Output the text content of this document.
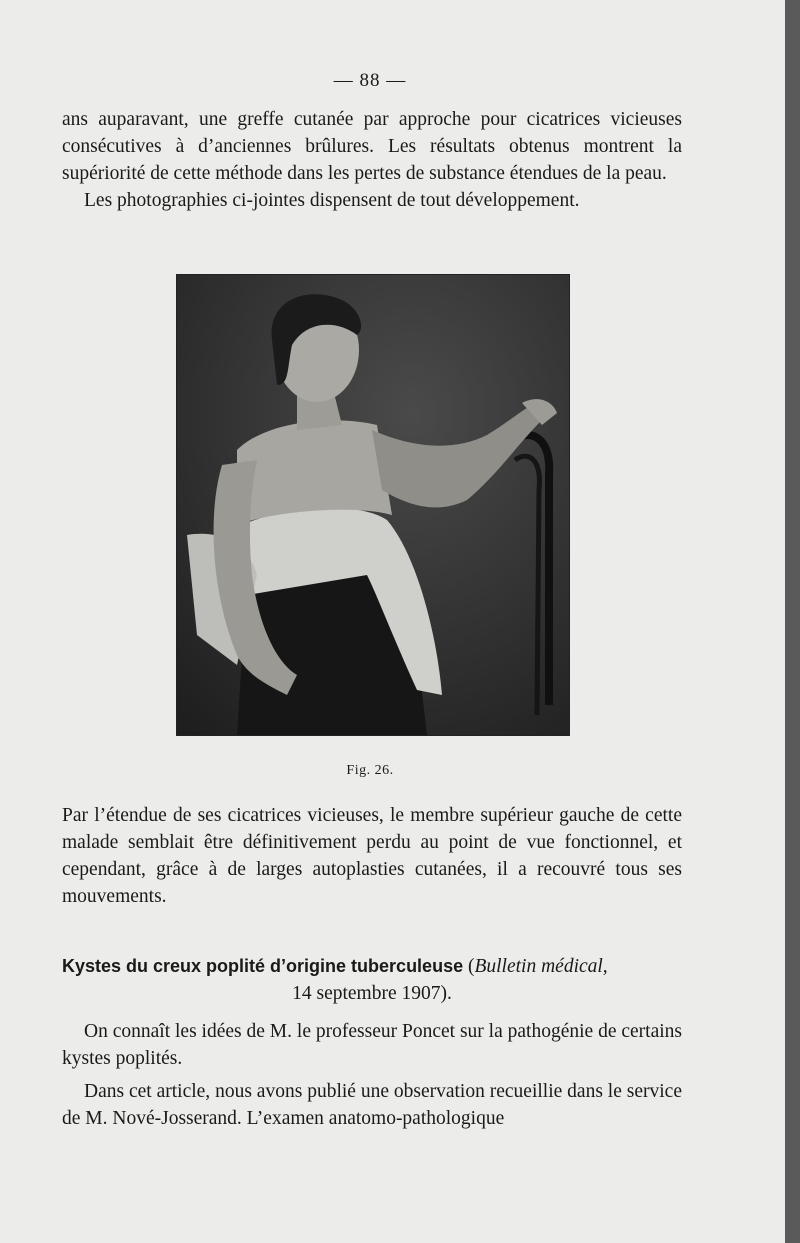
— 88 —

ans auparavant, une greffe cutanée par approche pour cicatrices vicieuses consécutives à d’anciennes brûlures. Les résultats obtenus montrent la supériorité de cette méthode dans les pertes de substance étendues de la peau.

Les photographies ci-jointes dispensent de tout développement.

Fig. 26.

Par l’étendue de ses cicatrices vicieuses, le membre supérieur gauche de cette malade semblait être définitivement perdu au point de vue fonctionnel, et cependant, grâce à de larges autoplasties cutanées, il a recouvré tous ses mouvements.

Kystes du creux poplité d’origine tuberculeuse (Bulletin médical,

14 septembre 1907).

On connaît les idées de M. le professeur Poncet sur la pathogénie de certains kystes poplités.

Dans cet article, nous avons publié une observation recueillie dans le service de M. Nové-Josserand. L’examen anatomo-pathologique
